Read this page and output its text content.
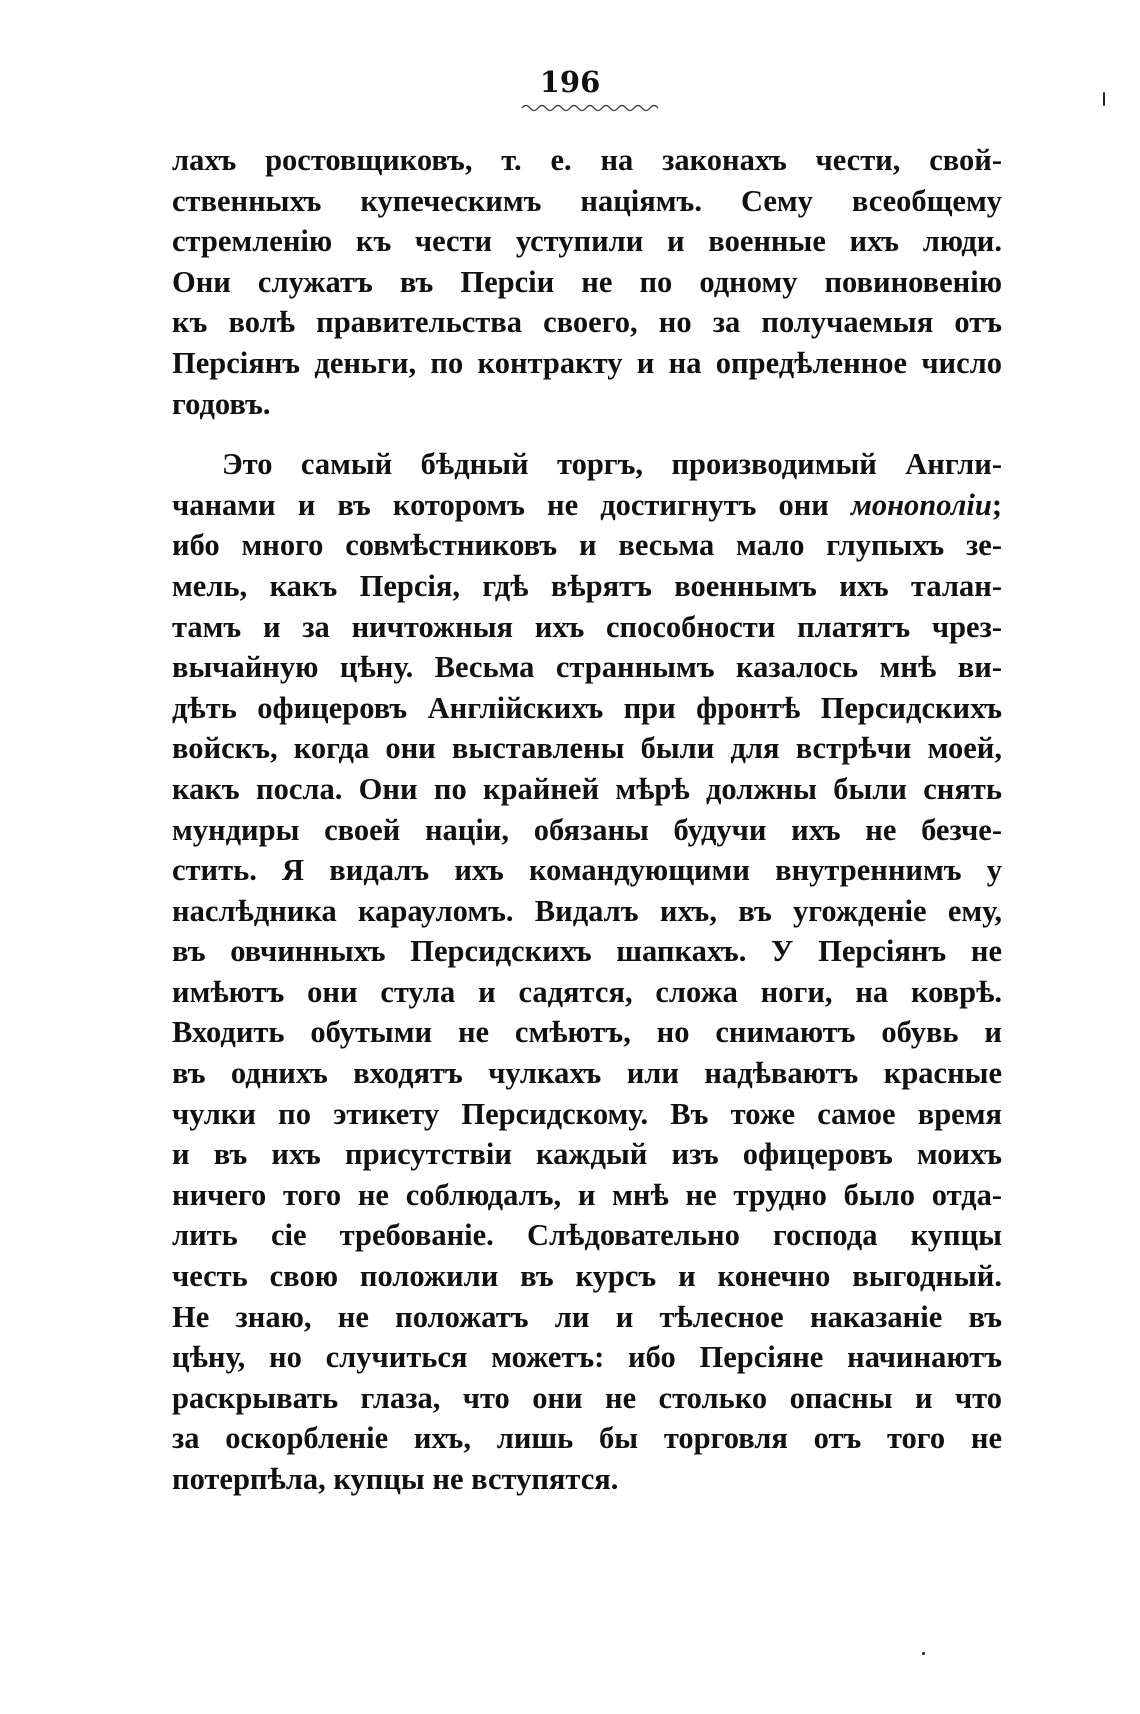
196
лахъ ростовщиковъ, т. е. на законахъ чести, свой-
ственныхъ купеческимъ націямъ. Сему всеобщему
стремленію къ чести уступили и военные ихъ люди.
Они служатъ въ Персіи не по одному повиновенію
къ волѣ правительства своего, но за получаемыя отъ
Персіянъ деньги, по контракту и на опредѣленное число
годовъ.
Это самый бѣдный торгъ, производимый Англи-
чанами и въ которомъ не достигнутъ они монополіи;
ибо много совмѣстниковъ и весьма мало глупыхъ зе-
мель, какъ Персія, гдѣ вѣрятъ военнымъ ихъ талан-
тамъ и за ничтожныя ихъ способности платятъ чрез-
вычайную цѣну. Весьма страннымъ казалось мнѣ ви-
дѣть офицеровъ Англійскихъ при фронтѣ Персидскихъ
войскъ, когда они выставлены были для встрѣчи моей,
какъ посла. Они по крайней мѣрѣ должны были снять
мундиры своей націи, обязаны будучи ихъ не безче-
стить. Я видалъ ихъ командующими внутреннимъ у
наслѣдника карауломъ. Видалъ ихъ, въ угожденіе ему,
въ овчинныхъ Персидскихъ шапкахъ. У Персіянъ не
имѣютъ они стула и садятся, сложа ноги, на коврѣ.
Входить обутыми не смѣютъ, но снимаютъ обувь и
въ однихъ входятъ чулкахъ или надѣваютъ красные
чулки по этикету Персидскому. Въ тоже самое время
и въ ихъ присутствіи каждый изъ офицеровъ моихъ
ничего того не соблюдалъ, и мнѣ не трудно было отда-
лить сіе требованіе. Слѣдовательно господа купцы
честь свою положили въ курсъ и конечно выгодный.
Не знаю, не положатъ ли и тѣлесное наказаніе въ
цѣну, но случиться можетъ: ибо Персіяне начинаютъ
раскрывать глаза, что они не столько опасны и что
за оскорбленіе ихъ, лишь бы торговля отъ того не
потерпѣла, купцы не вступятся.
